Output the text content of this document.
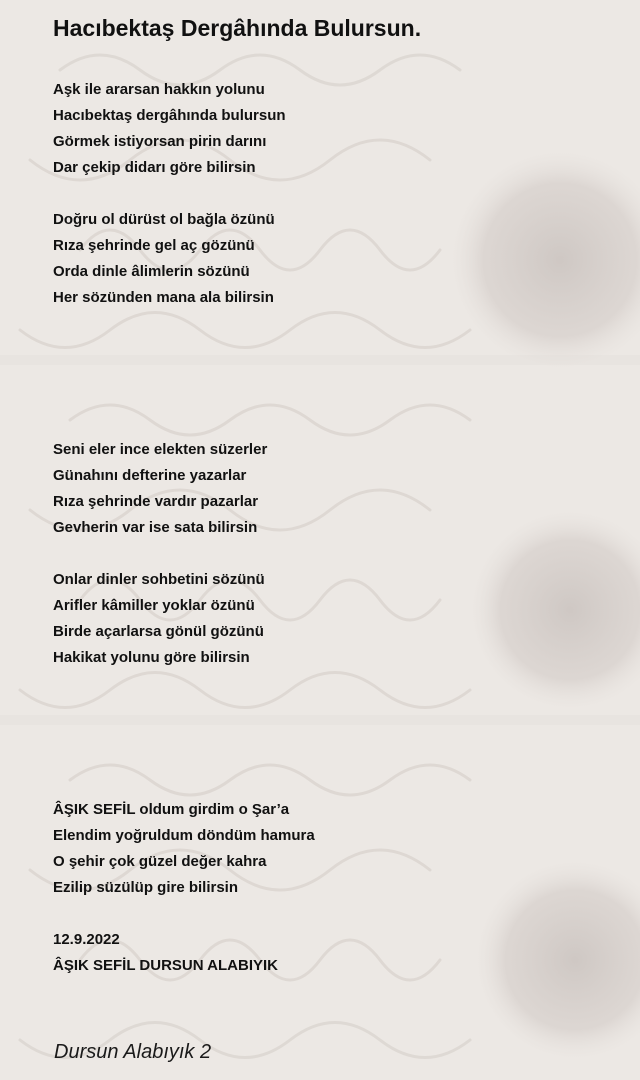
Hacıbektaş Dergâhında Bulursun.
Aşk ile ararsan hakkın yolunu
Hacıbektaş dergâhında bulursun
Görmek istiyorsan pirin darını
Dar çekip didarı göre bilirsin
Doğru ol dürüst ol bağla özünü
Rıza şehrinde gel aç gözünü
Orda dinle âlimlerin sözünü
Her sözünden mana ala bilirsin
Seni eler ince elekten süzerler
Günahını defterine yazarlar
Rıza şehrinde vardır pazarlar
Gevherin var ise sata bilirsin
Onlar dinler sohbetini sözünü
Arifler kâmiller yoklar özünü
Birde açarlarsa gönül gözünü
Hakikat yolunu göre bilirsin
ÂŞIK SEFİL oldum girdim o Şar’a
Elendim yoğruldum döndüm hamura
O şehir çok güzel değer kahra
Ezilip süzülüp gire bilirsin
12.9.2022
ÂŞIK SEFİL DURSUN ALABIYIK
Dursun Alabıyık 2
